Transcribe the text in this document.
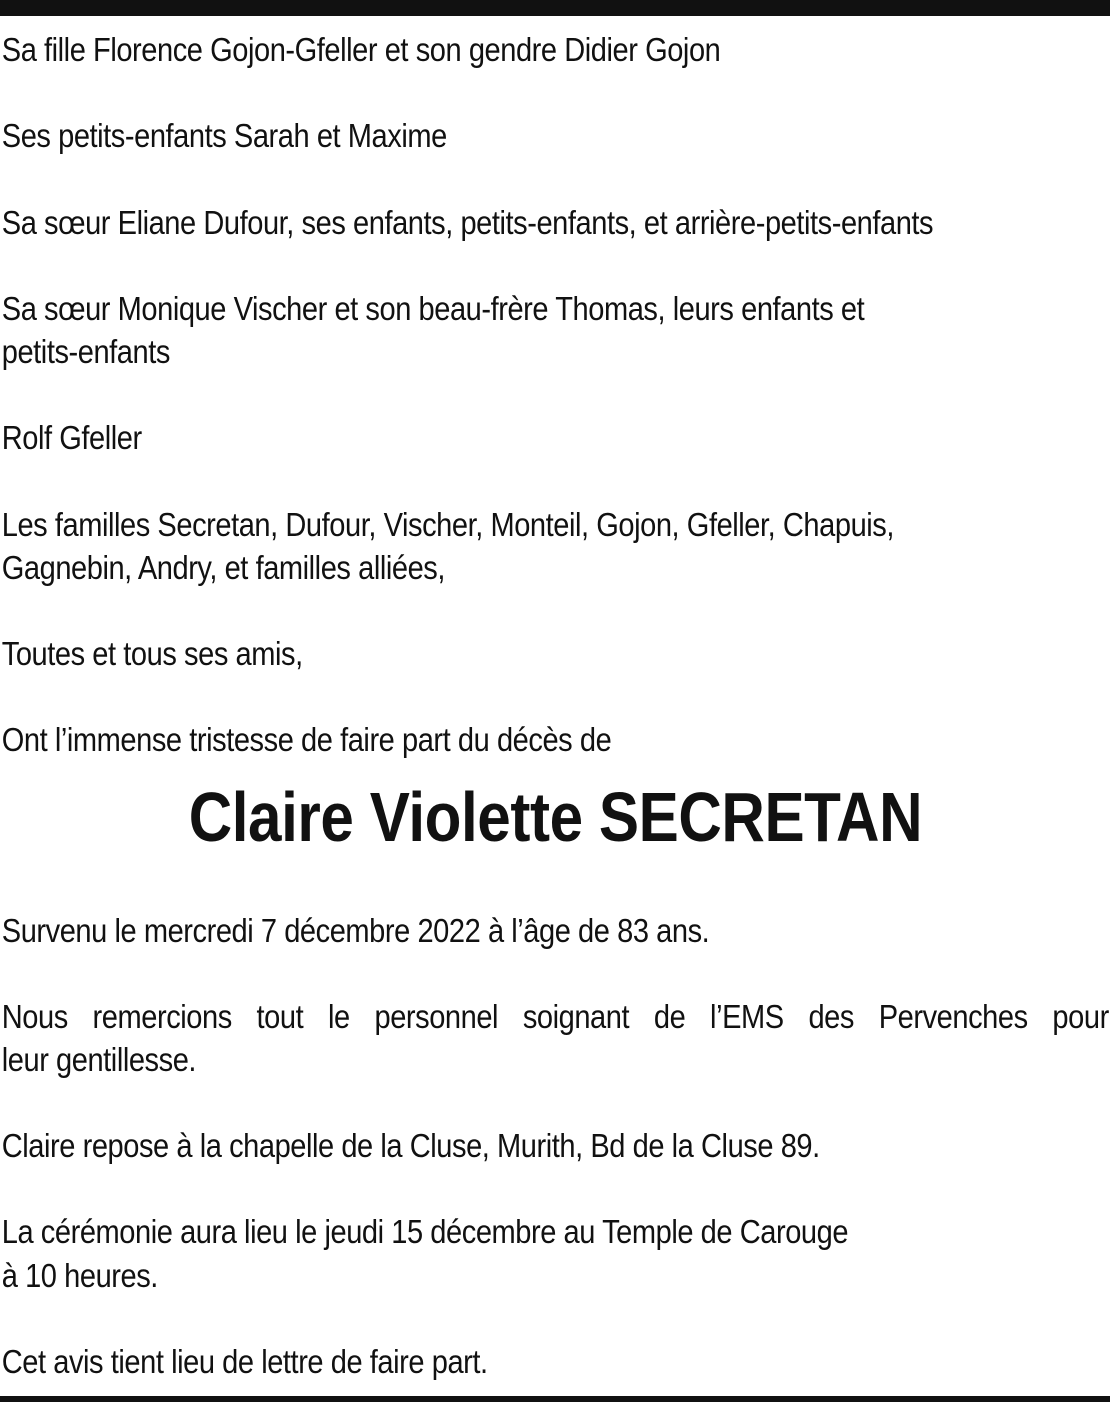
Sa fille Florence Gojon-Gfeller et son gendre Didier Gojon

Ses petits-enfants Sarah et Maxime

Sa sœur Eliane Dufour, ses enfants, petits-enfants, et arrière-petits-enfants

Sa sœur Monique Vischer et son beau-frère Thomas, leurs enfants et

petits-enfants

Rolf Gfeller

Les familles Secretan, Dufour, Vischer, Monteil, Gojon, Gfeller, Chapuis,

Gagnebin, Andry, et familles alliées,

Toutes et tous ses amis,

Ont l’immense tristesse de faire part du décès de

Survenu le mercredi 7 décembre 2022 à l’âge de 83 ans.

Nous remercions tout le personnel soignant de l’EMS des Pervenches pour

leur gentillesse.

Claire repose à la chapelle de la Cluse, Murith, Bd de la Cluse 89.

La cérémonie aura lieu le jeudi 15 décembre au Temple de Carouge

à 10 heures.

Cet avis tient lieu de lettre de faire part.

Claire Violette SECRETAN
